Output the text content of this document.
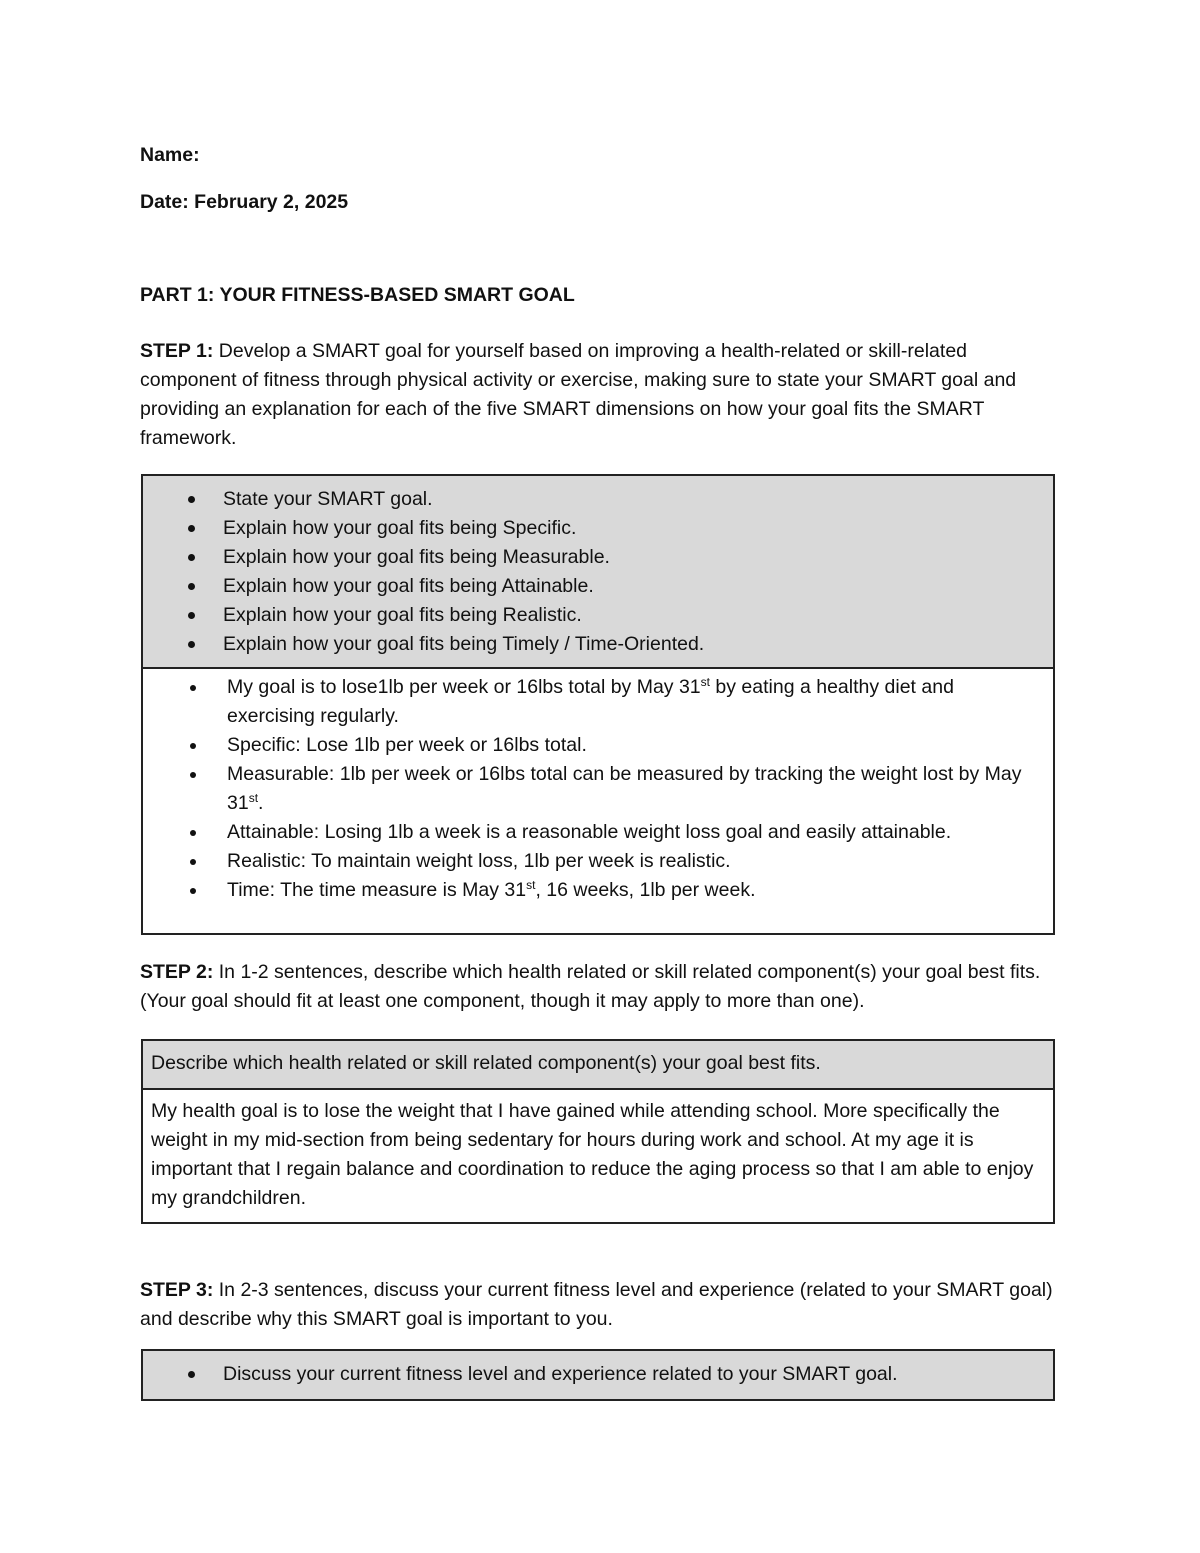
Name:
Date: February 2, 2025
PART 1: YOUR FITNESS-BASED SMART GOAL
STEP 1: Develop a SMART goal for yourself based on improving a health-related or skill-related component of fitness through physical activity or exercise, making sure to state your SMART goal and providing an explanation for each of the five SMART dimensions on how your goal fits the SMART framework.
State your SMART goal.
Explain how your goal fits being Specific.
Explain how your goal fits being Measurable.
Explain how your goal fits being Attainable.
Explain how your goal fits being Realistic.
Explain how your goal fits being Timely / Time-Oriented.
My goal is to lose1lb per week or 16lbs total by May 31st by eating a healthy diet and exercising regularly.
Specific: Lose 1lb per week or 16lbs total.
Measurable: 1lb per week or 16lbs total can be measured by tracking the weight lost by May 31st.
Attainable: Losing 1lb a week is a reasonable weight loss goal and easily attainable.
Realistic: To maintain weight loss, 1lb per week is realistic.
Time: The time measure is May 31st, 16 weeks, 1lb per week.
STEP 2: In 1-2 sentences, describe which health related or skill related component(s) your goal best fits. (Your goal should fit at least one component, though it may apply to more than one).
Describe which health related or skill related component(s) your goal best fits.
My health goal is to lose the weight that I have gained while attending school. More specifically the weight in my mid-section from being sedentary for hours during work and school. At my age it is important that I regain balance and coordination to reduce the aging process so that I am able to enjoy my grandchildren.
STEP 3: In 2-3 sentences, discuss your current fitness level and experience (related to your SMART goal) and describe why this SMART goal is important to you.
Discuss your current fitness level and experience related to your SMART goal.
